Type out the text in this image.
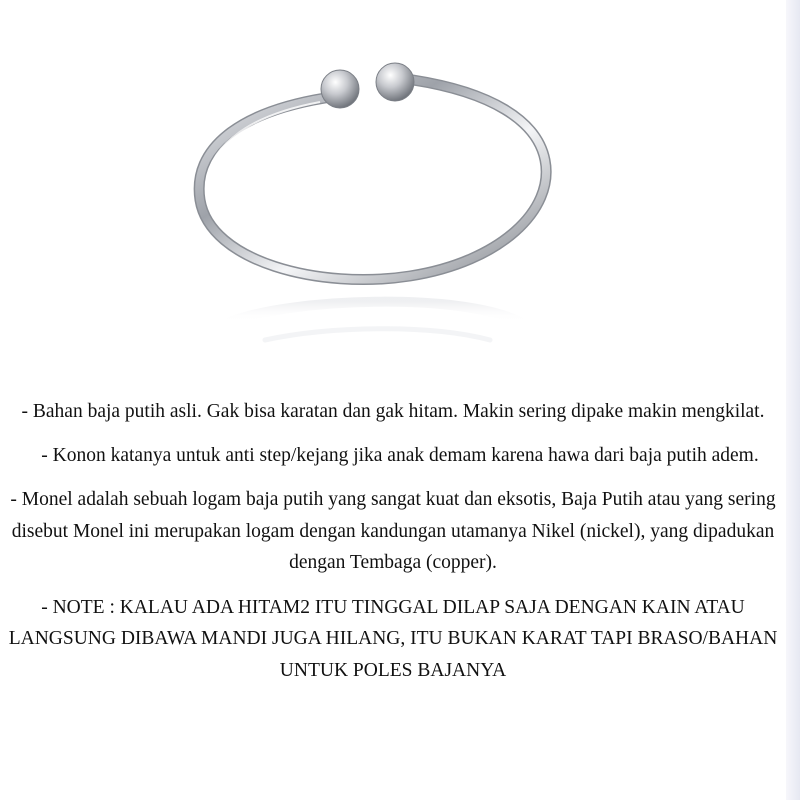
- Bahan baja putih asli. Gak bisa karatan dan gak hitam. Makin sering dipake makin mengkilat.

- Konon katanya untuk anti step/kejang jika anak demam karena hawa dari baja putih adem.

- Monel adalah sebuah logam baja putih yang sangat kuat dan eksotis, Baja Putih atau yang sering disebut Monel ini merupakan logam dengan kandungan utamanya Nikel (nickel), yang dipadukan dengan Tembaga (copper).

- NOTE : KALAU ADA HITAM2 ITU TINGGAL DILAP SAJA DENGAN KAIN ATAU LANGSUNG DIBAWA MANDI JUGA HILANG, ITU BUKAN KARAT TAPI BRASO/BAHAN UNTUK POLES BAJANYA
